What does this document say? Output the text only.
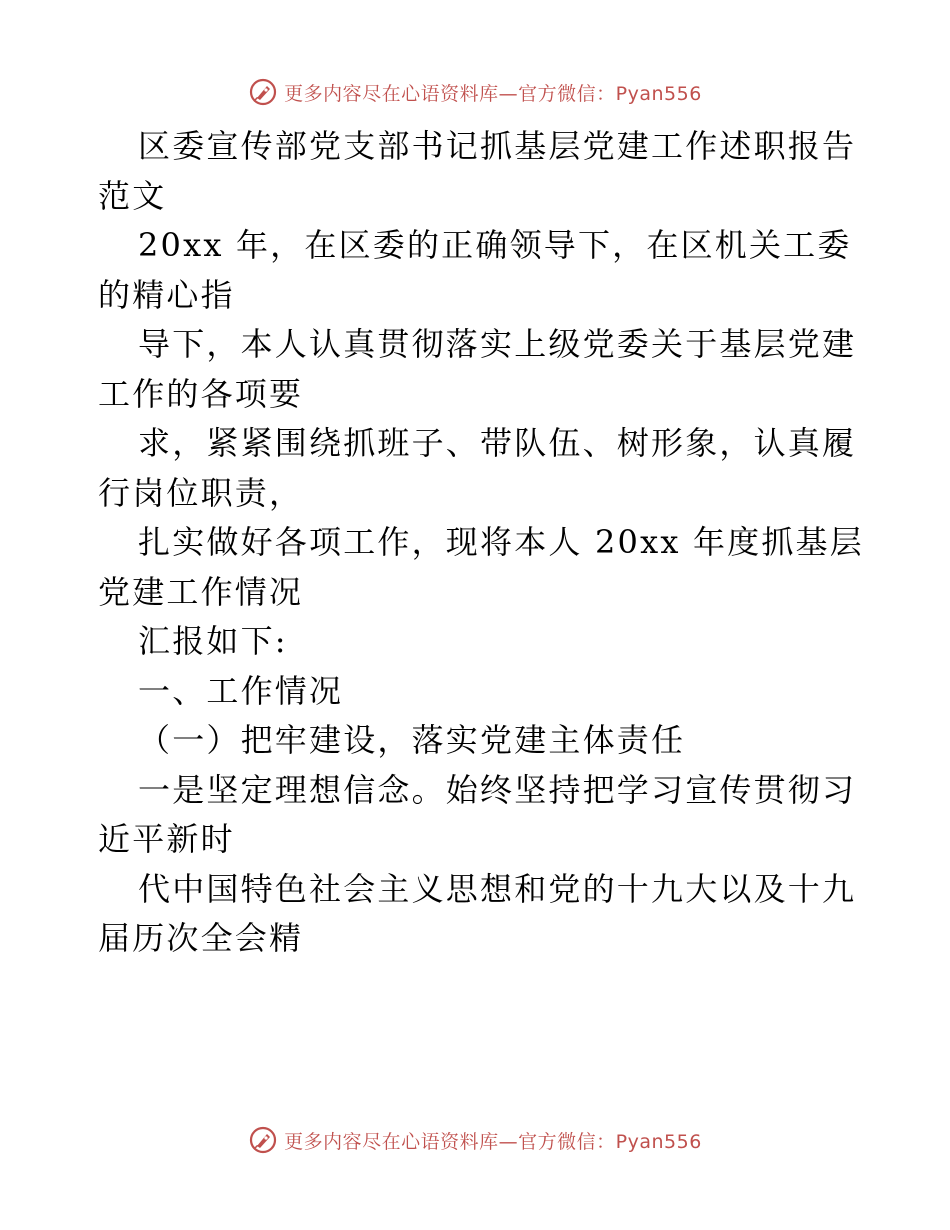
更多内容尽在心语资料库—官方微信：Pyan556
区委宣传部党支部书记抓基层党建工作述职报告
范文
20xx 年，在区委的正确领导下，在区机关工委
的精心指
导下，本人认真贯彻落实上级党委关于基层党建
工作的各项要
求，紧紧围绕抓班子、带队伍、树形象，认真履
行岗位职责，
扎实做好各项工作，现将本人 20xx 年度抓基层
党建工作情况
汇报如下:
一、工作情况
（一）把牢建设，落实党建主体责任
一是坚定理想信念。始终坚持把学习宣传贯彻习
近平新时
代中国特色社会主义思想和党的十九大以及十九
届历次全会精
更多内容尽在心语资料库—官方微信：Pyan556
